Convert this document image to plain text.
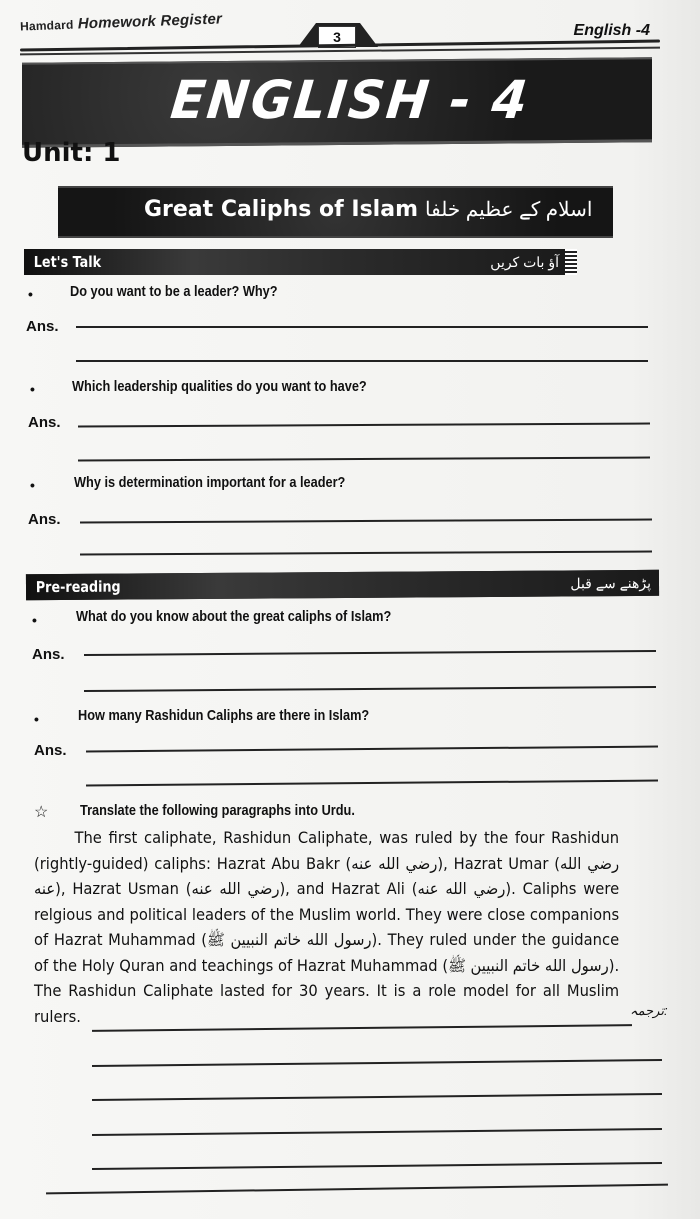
Hamdard Homework Register
3	English -4
ENGLISH - 4
Unit: 1
Great Caliphs of Islam اسلام کے عظیم خلفا
Let's Talk	آؤ بات کریں
• Do you want to be a leader? Why?
Ans.
• Which leadership qualities do you want to have?
Ans.
•	Why is determination important for a leader?
Ans.
Pre-reading	پڑھنے سے قبل
•	What do you know about the great caliphs of Islam?
Ans.
•	How many Rashidun Caliphs are there in Islam?
Ans.
☆ Translate the following paragraphs into Urdu.

The first caliphate, Rashidun Caliphate, was ruled by the four Rashidun (rightly-guided) caliphs: Hazrat Abu Bakr (رضي الله عنه), Hazrat Umar (رضي الله عنه), Hazrat Usman (رضي الله عنه), and Hazrat Ali (رضي الله عنه). Caliphs were relgious and political leaders of the Muslim world. They were close companions of Hazrat Muhammad (رسول الله خاتم النبیین ﷺ). They ruled under the guidance of the Holy Quran and teachings of Hazrat Muhammad (رسول الله خاتم النبیین ﷺ). The Rashidun Caliphate lasted for 30 years. It is a role model for all Muslim rulers.	:ترجمہ
